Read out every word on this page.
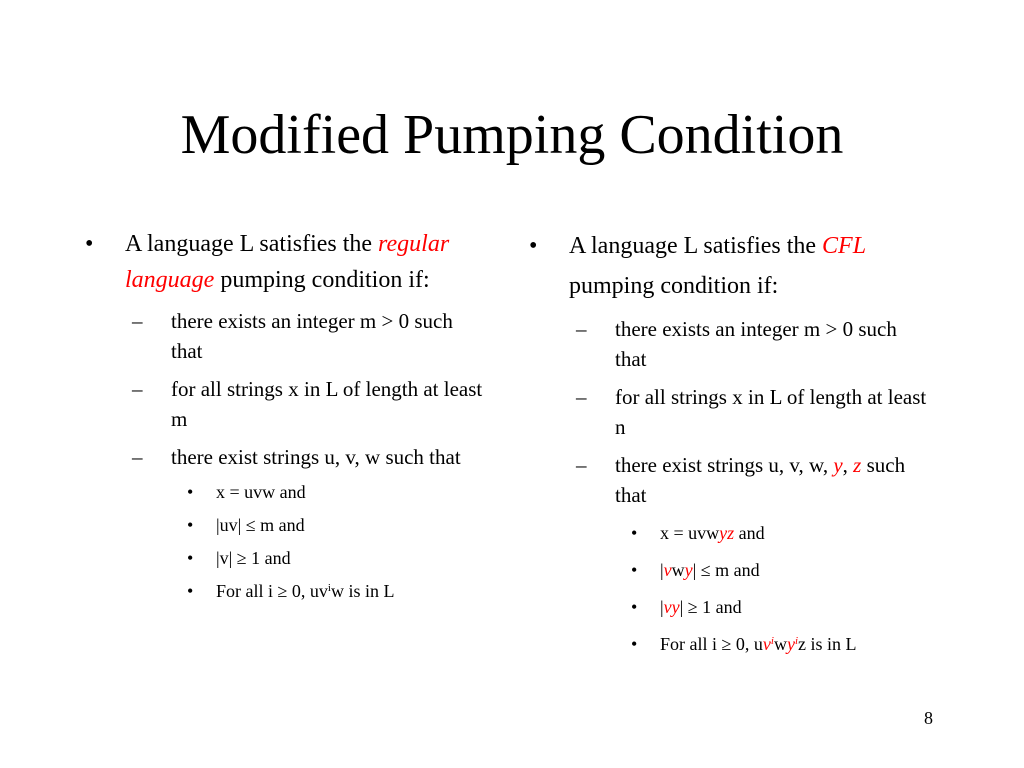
Modified Pumping Condition
• A language L satisfies the regular language pumping condition if:
– there exists an integer m > 0 such that
– for all strings x in L of length at least m
– there exist strings u, v, w such that
• x = uvw and
• |uv| ≤ m and
• |v| ≥ 1 and
• For all i ≥ 0, $uv^iw$ is in L
• A language L satisfies the CFL pumping condition if:
– there exists an integer m > 0 such that
– for all strings x in L of length at least n
– there exist strings u, v, w, y, z such that
• x = uvwyz and
• |vwy| ≤ m and
• |vy| ≥ 1 and
• For all i ≥ 0, $uv^iwy^iz$ is in L
8
